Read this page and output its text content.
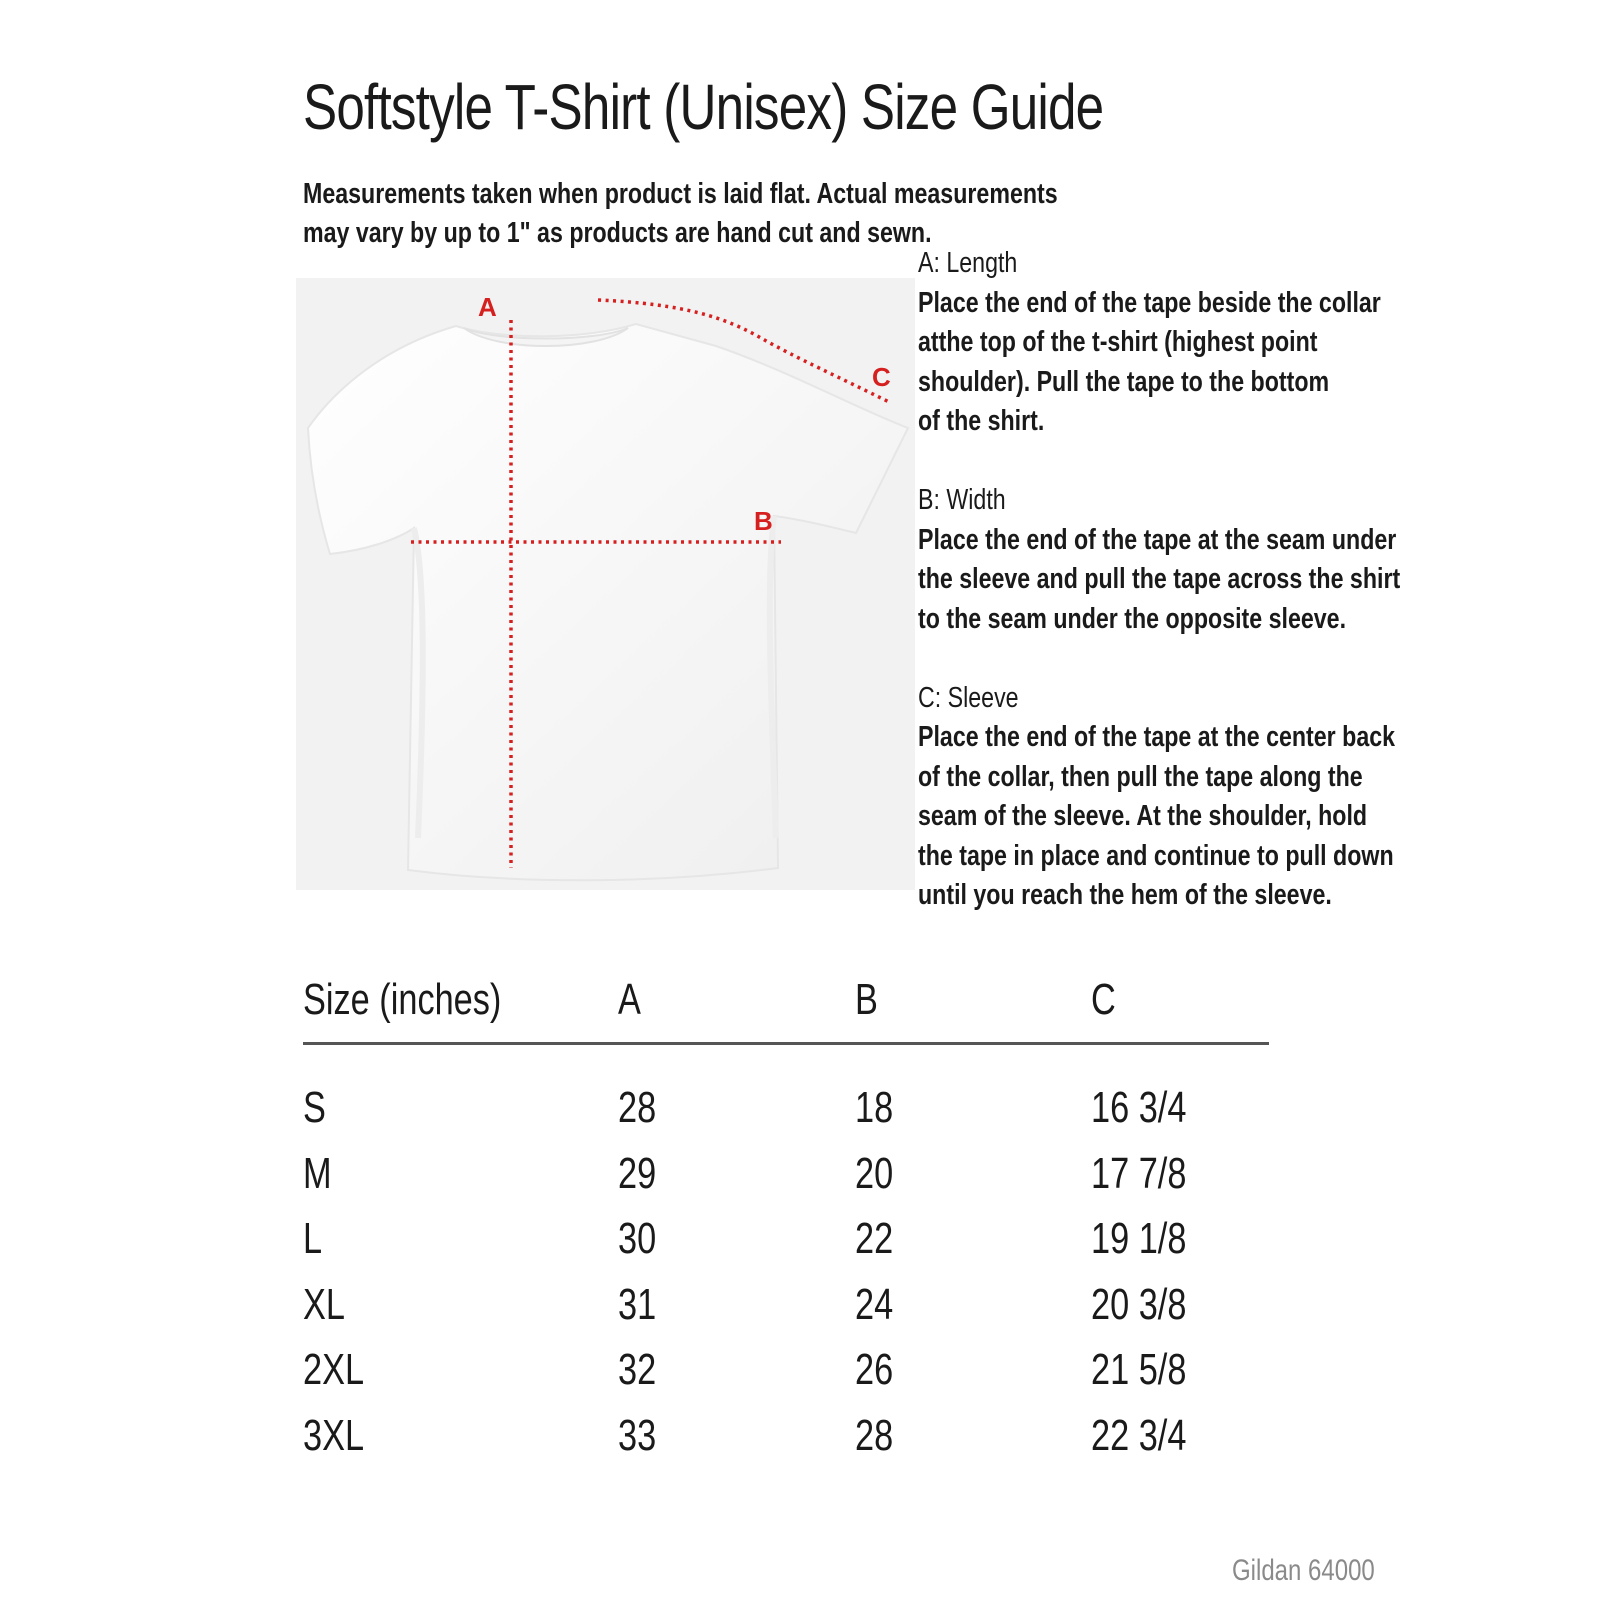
Softstyle T-Shirt (Unisex) Size Guide
Measurements taken when product is laid flat. Actual measurements
may vary by up to 1" as products are hand cut and sewn.
A
B
C
A: Length
Place the end of the tape beside the collar
atthe top of the t-shirt (highest point
shoulder). Pull the tape to the bottom
of the shirt.
B: Width
Place the end of the tape at the seam under
the sleeve and pull the tape across the shirt
to the seam under the opposite sleeve.
C: Sleeve
Place the end of the tape at the center back
of the collar, then pull the tape along the
seam of the sleeve. At the shoulder, hold
the tape in place and continue to pull down
until you reach the hem of the sleeve.
Size (inches)	A	B	C
S	28	18	16 3/4
M	29	20	17 7/8
L	30	22	19 1/8
XL	31	24	20 3/8
2XL	32	26	21 5/8
3XL	33	28	22 3/4
Gildan 64000
